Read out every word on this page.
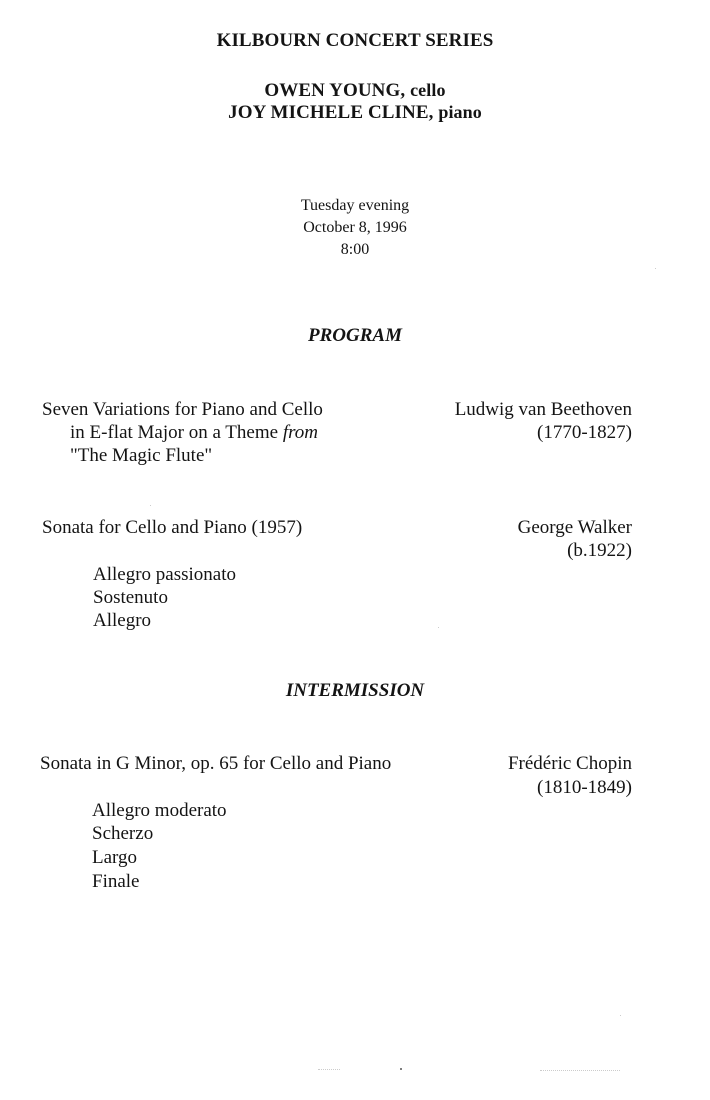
KILBOURN CONCERT SERIES
OWEN YOUNG, cello
JOY MICHELE CLINE, piano
Tuesday evening
October 8, 1996
8:00
PROGRAM
Seven Variations for Piano and Cello
in E-flat Major on a Theme from
"The Magic Flute"
Ludwig van Beethoven
(1770-1827)
Sonata for Cello and Piano (1957)	George Walker
(b.1922)
Allegro passionato
Sostenuto
Allegro
INTERMISSION
Sonata in G Minor, op. 65 for Cello and Piano	Frédéric Chopin
(1810-1849)
Allegro moderato
Scherzo
Largo
Finale
